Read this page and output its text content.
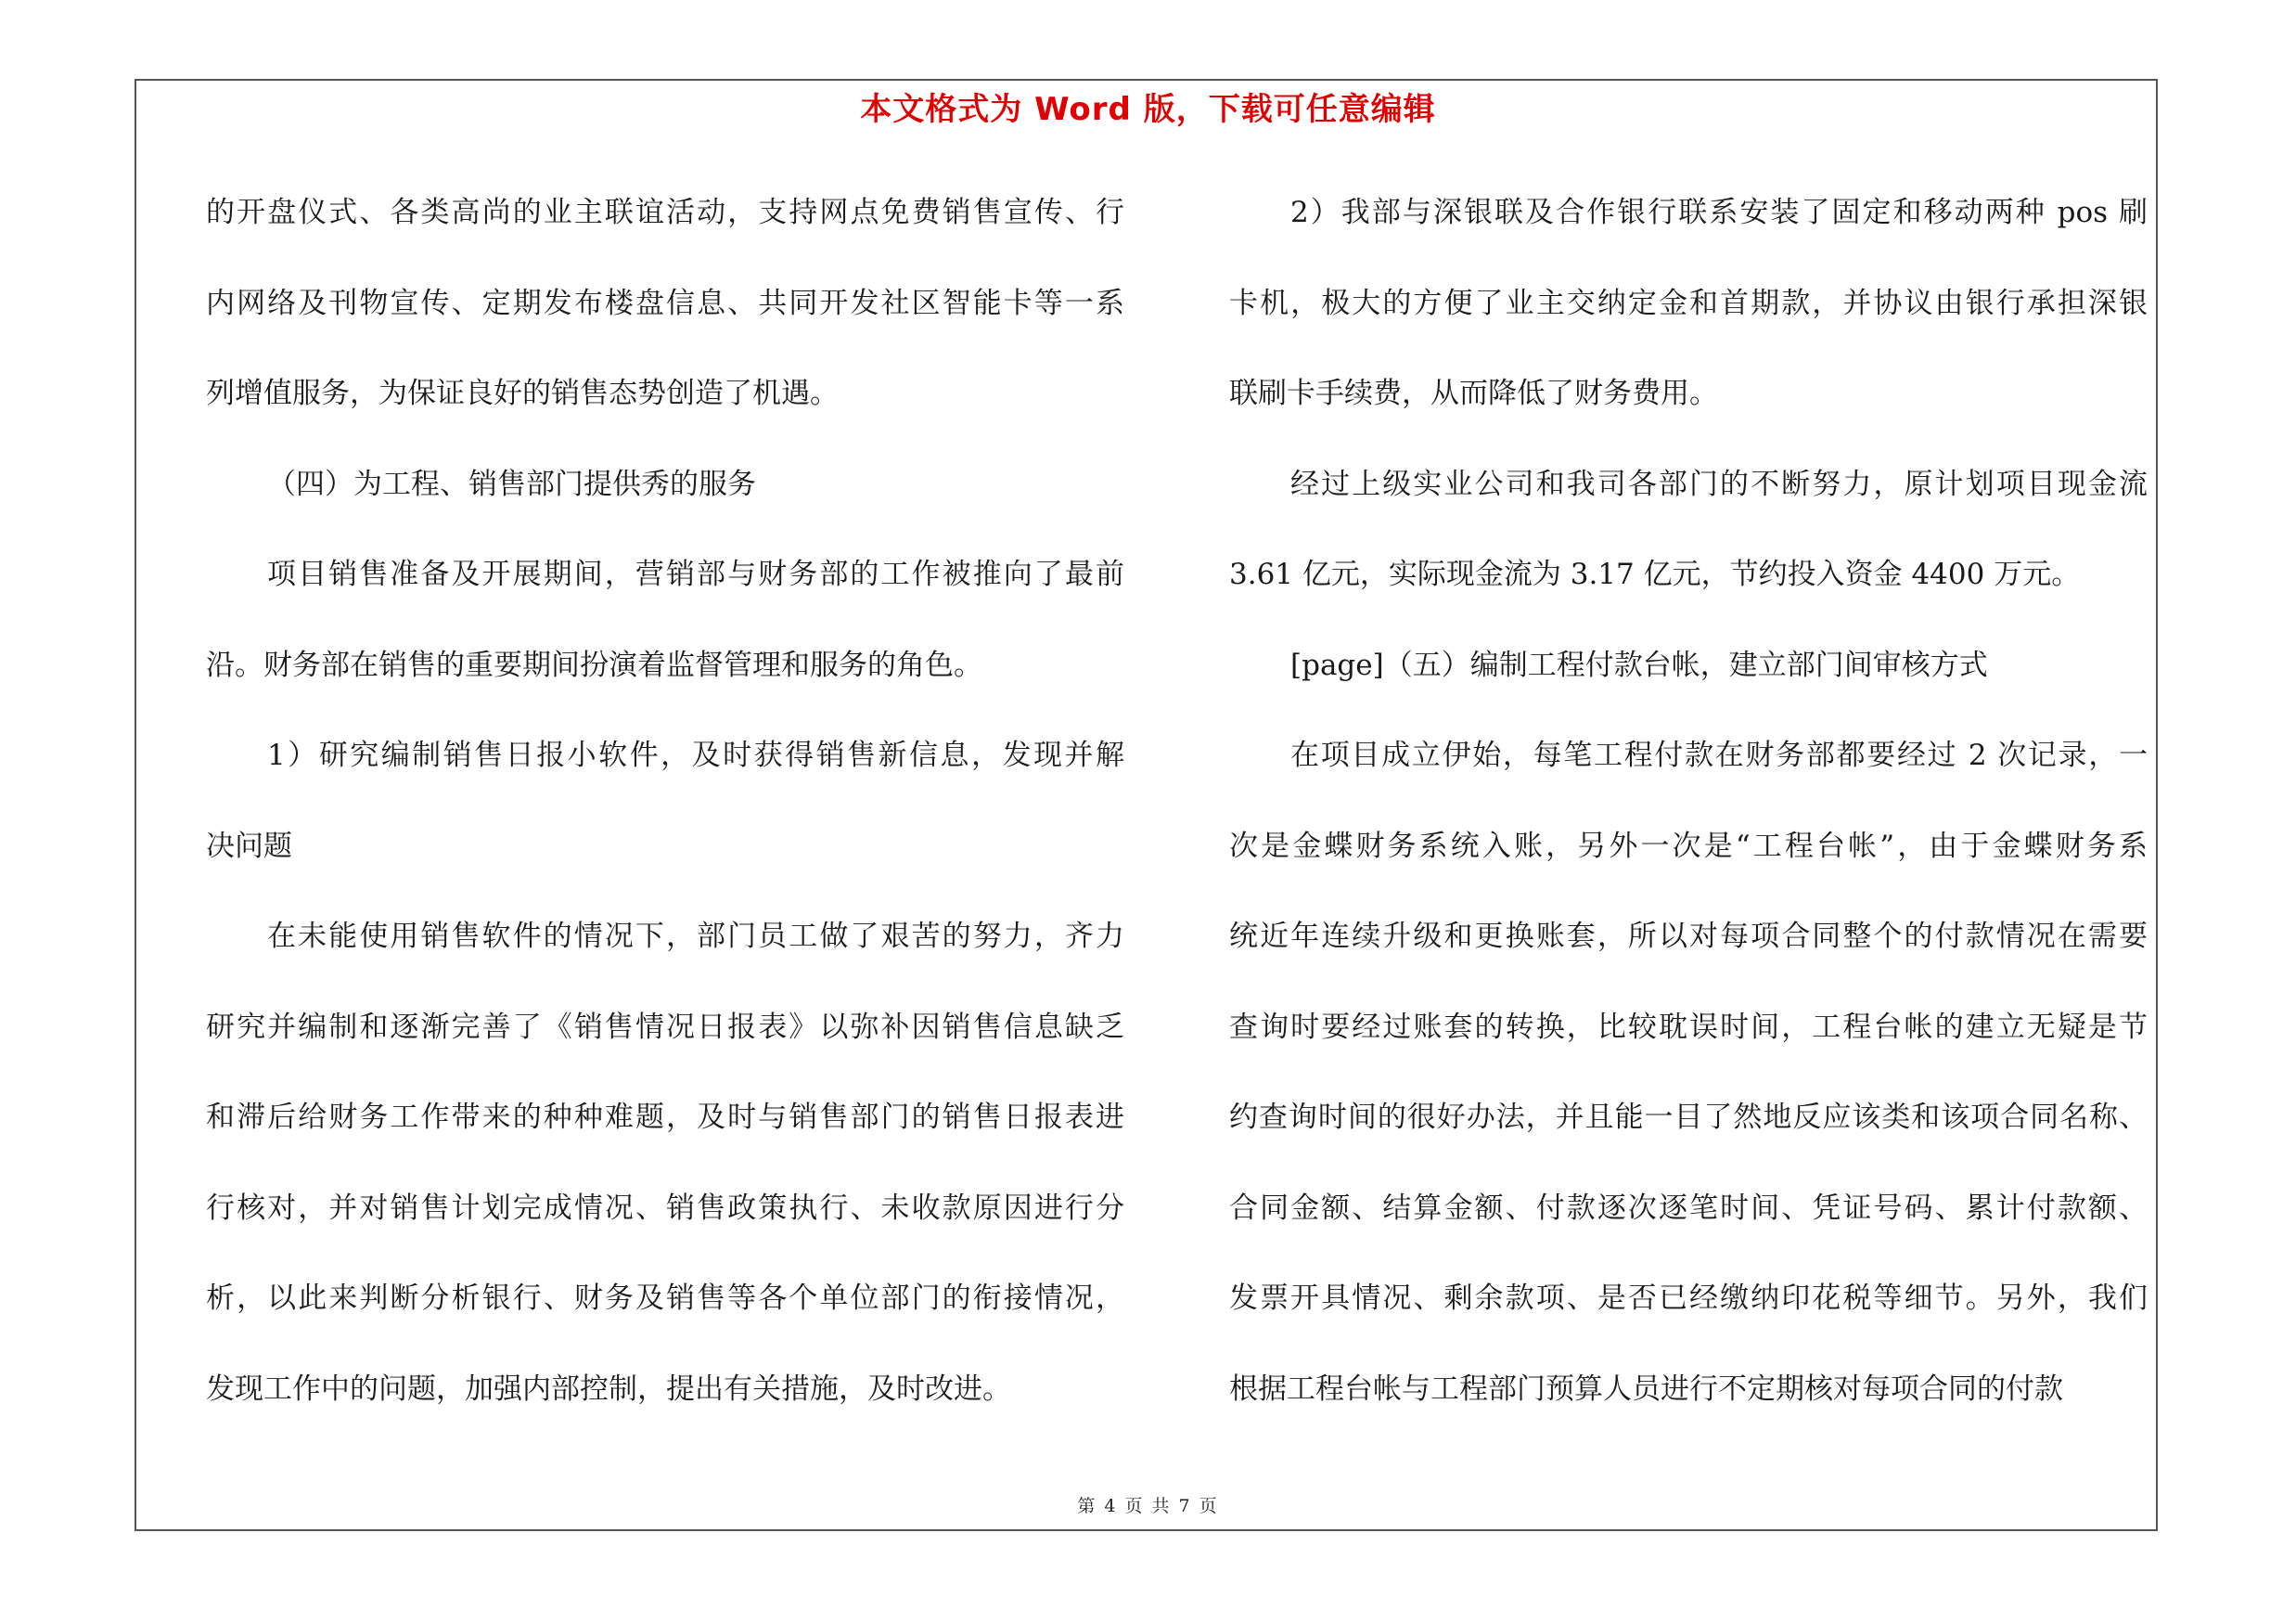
本文格式为 Word 版，下载可任意编辑
的开盘仪式、各类高尚的业主联谊活动，支持网点免费销售宣传、行
内网络及刊物宣传、定期发布楼盘信息、共同开发社区智能卡等一系
列增值服务，为保证良好的销售态势创造了机遇。
（四）为工程、销售部门提供秀的服务
项目销售准备及开展期间，营销部与财务部的工作被推向了最前
沿。财务部在销售的重要期间扮演着监督管理和服务的角色。
1）研究编制销售日报小软件，及时获得销售新信息，发现并解
决问题
在未能使用销售软件的情况下，部门员工做了艰苦的努力，齐力
研究并编制和逐渐完善了《销售情况日报表》以弥补因销售信息缺乏
和滞后给财务工作带来的种种难题，及时与销售部门的销售日报表进
行核对，并对销售计划完成情况、销售政策执行、未收款原因进行分
析，以此来判断分析银行、财务及销售等各个单位部门的衔接情况，
发现工作中的问题，加强内部控制，提出有关措施，及时改进。
2）我部与深银联及合作银行联系安装了固定和移动两种 pos 刷
卡机，极大的方便了业主交纳定金和首期款，并协议由银行承担深银
联刷卡手续费，从而降低了财务费用。
经过上级实业公司和我司各部门的不断努力，原计划项目现金流
3.61 亿元，实际现金流为 3.17 亿元，节约投入资金 4400 万元。
[page]（五）编制工程付款台帐，建立部门间审核方式
在项目成立伊始，每笔工程付款在财务部都要经过 2 次记录，一
次是金蝶财务系统入账，另外一次是“工程台帐”，由于金蝶财务系
统近年连续升级和更换账套，所以对每项合同整个的付款情况在需要
查询时要经过账套的转换，比较耽误时间，工程台帐的建立无疑是节
约查询时间的很好办法，并且能一目了然地反应该类和该项合同名称、
合同金额、结算金额、付款逐次逐笔时间、凭证号码、累计付款额、
发票开具情况、剩余款项、是否已经缴纳印花税等细节。另外，我们
根据工程台帐与工程部门预算人员进行不定期核对每项合同的付款
第 4 页 共 7 页
